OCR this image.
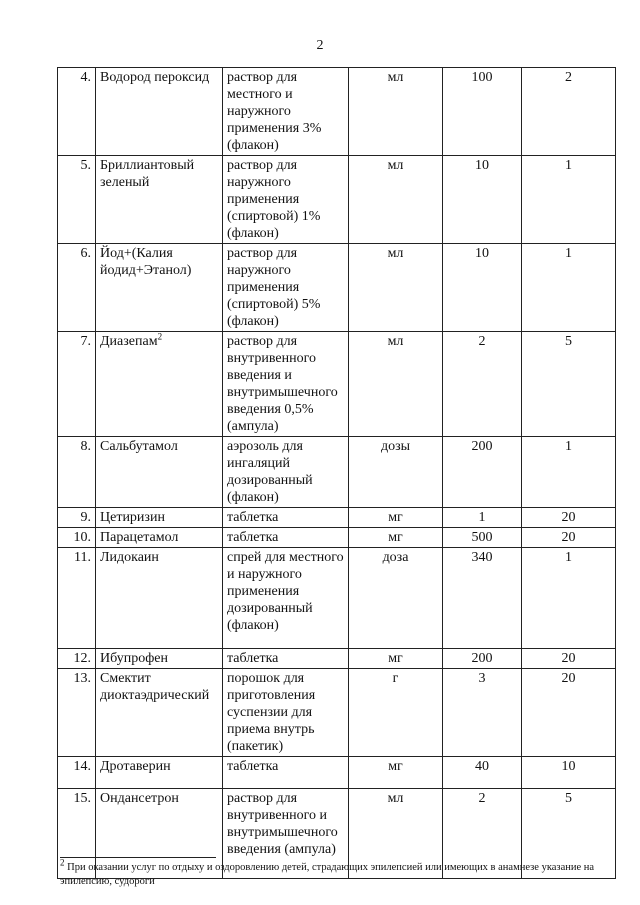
2
4.	Водород пероксид	раствор для местного и наружного применения 3% (флакон)	мл	100	2
5.	Бриллиантовый зеленый	раствор для наружного применения (спиртовой) 1% (флакон)	мл	10	1
6.	Йод+(Калия йодид+Этанол)	раствор для наружного применения (спиртовой) 5% (флакон)	мл	10	1
7.	Диазепам$^2$	раствор для внутривенного введения и внутримышечного введения 0,5%(ампула)	мл	2	5
8.	Сальбутамол	аэрозоль для ингаляций дозированный (флакон)	дозы	200	1
9.	Цетиризин	таблетка	мг	1	20
10.	Парацетамол	таблетка	мг	500	20
11.	Лидокаин	спрей для местного и наружного применения дозированный (флакон)	доза	340	1
12.	Ибупрофен	таблетка	мг	200	20
13.	Смектит диоктаэдрический	порошок для приготовления суспензии для приема внутрь (пакетик)	г	3	20
14.	Дротаверин	таблетка	мг	40	10
15.	Ондансетрон	раствор для внутривенного и внутримышечного введения (ампула)	мл	2	5
$^2$ При оказании услуг по отдыху и оздоровлению детей, страдающих эпилепсией или имеющих в анамнезе указание на эпилепсию, судороги
